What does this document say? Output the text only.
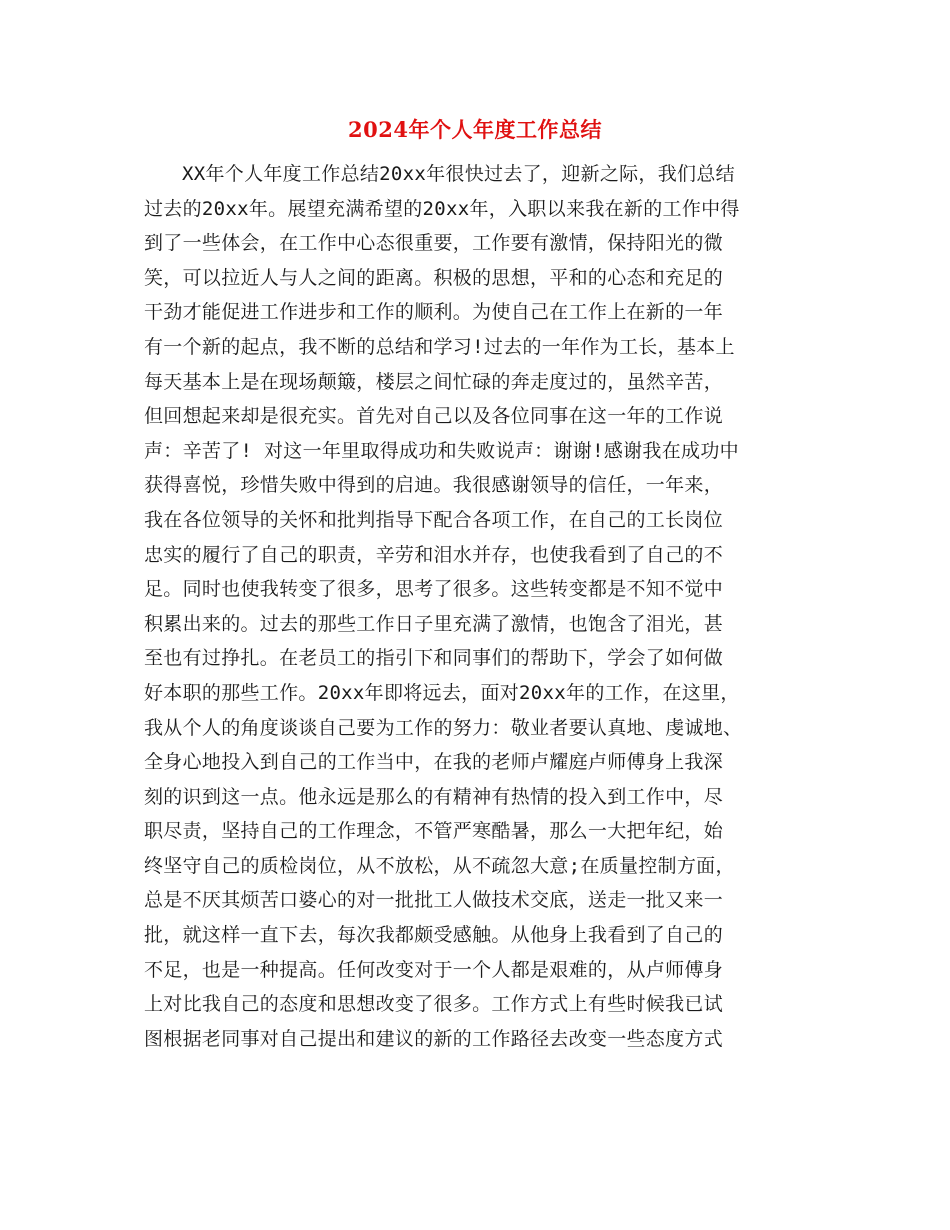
2024年个人年度工作总结
XX年个人年度工作总结20xx年很快过去了，迎新之际，我们总结
过去的20xx年。展望充满希望的20xx年，入职以来我在新的工作中得
到了一些体会，在工作中心态很重要，工作要有激情，保持阳光的微
笑，可以拉近人与人之间的距离。积极的思想，平和的心态和充足的
干劲才能促进工作进步和工作的顺利。为使自己在工作上在新的一年
有一个新的起点，我不断的总结和学习!过去的一年作为工长，基本上
每天基本上是在现场颠簸，楼层之间忙碌的奔走度过的，虽然辛苦，
但回想起来却是很充实。首先对自己以及各位同事在这一年的工作说
声：辛苦了! 对这一年里取得成功和失败说声：谢谢!感谢我在成功中
获得喜悦，珍惜失败中得到的启迪。我很感谢领导的信任，一年来，
我在各位领导的关怀和批判指导下配合各项工作，在自己的工长岗位
忠实的履行了自己的职责，辛劳和泪水并存，也使我看到了自己的不
足。同时也使我转变了很多，思考了很多。这些转变都是不知不觉中
积累出来的。过去的那些工作日子里充满了激情，也饱含了泪光，甚
至也有过挣扎。在老员工的指引下和同事们的帮助下，学会了如何做
好本职的那些工作。20xx年即将远去，面对20xx年的工作，在这里，
我从个人的角度谈谈自己要为工作的努力：敬业者要认真地、虔诚地、
全身心地投入到自己的工作当中，在我的老师卢耀庭卢师傅身上我深
刻的识到这一点。他永远是那么的有精神有热情的投入到工作中，尽
职尽责，坚持自己的工作理念，不管严寒酷暑，那么一大把年纪，始
终坚守自己的质检岗位，从不放松，从不疏忽大意;在质量控制方面，
总是不厌其烦苦口婆心的对一批批工人做技术交底，送走一批又来一
批，就这样一直下去，每次我都颇受感触。从他身上我看到了自己的
不足，也是一种提高。任何改变对于一个人都是艰难的，从卢师傅身
上对比我自己的态度和思想改变了很多。工作方式上有些时候我已试
图根据老同事对自己提出和建议的新的工作路径去改变一些态度方式
